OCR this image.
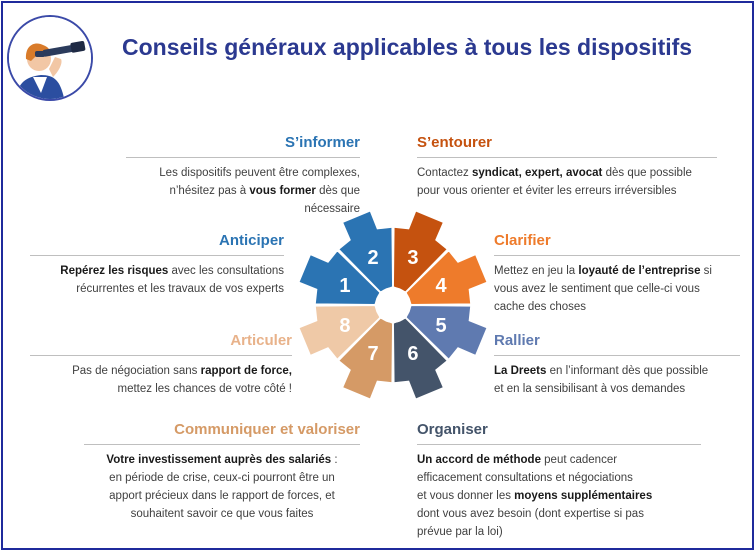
Conseils généraux applicables à tous les dispositifs
S’informer

Les dispositifs peuvent être complexes,
n’hésitez pas à vous former dès que nécessaire

S’entourer

Contactez syndicat, expert, avocat dès que possible
pour vous orienter et éviter les erreurs irréversibles

Anticiper

Repérez les risques avec les consultations
récurrentes et les travaux de vos experts

Clarifier

Mettez en jeu la loyauté de l’entreprise si
vous avez le sentiment que celle-ci vous
cache des choses

Articuler

Pas de négociation sans rapport de force,
mettez les chances de votre côté !

Rallier

La Dreets en l’informant dès que possible
et en la sensibilisant à vos demandes

Communiquer et valoriser

Votre investissement auprès des salariés :
en période de crise, ceux-ci pourront être un
apport précieux dans le rapport de forces, et
souhaitent savoir ce que vous faites

Organiser

Un accord de méthode peut cadencer
efficacement consultations et négociations
et vous donner les moyens supplémentaires
dont vous avez besoin (dont expertise si pas
prévue par la loi)

1
2 3
4
5
6
7
8
